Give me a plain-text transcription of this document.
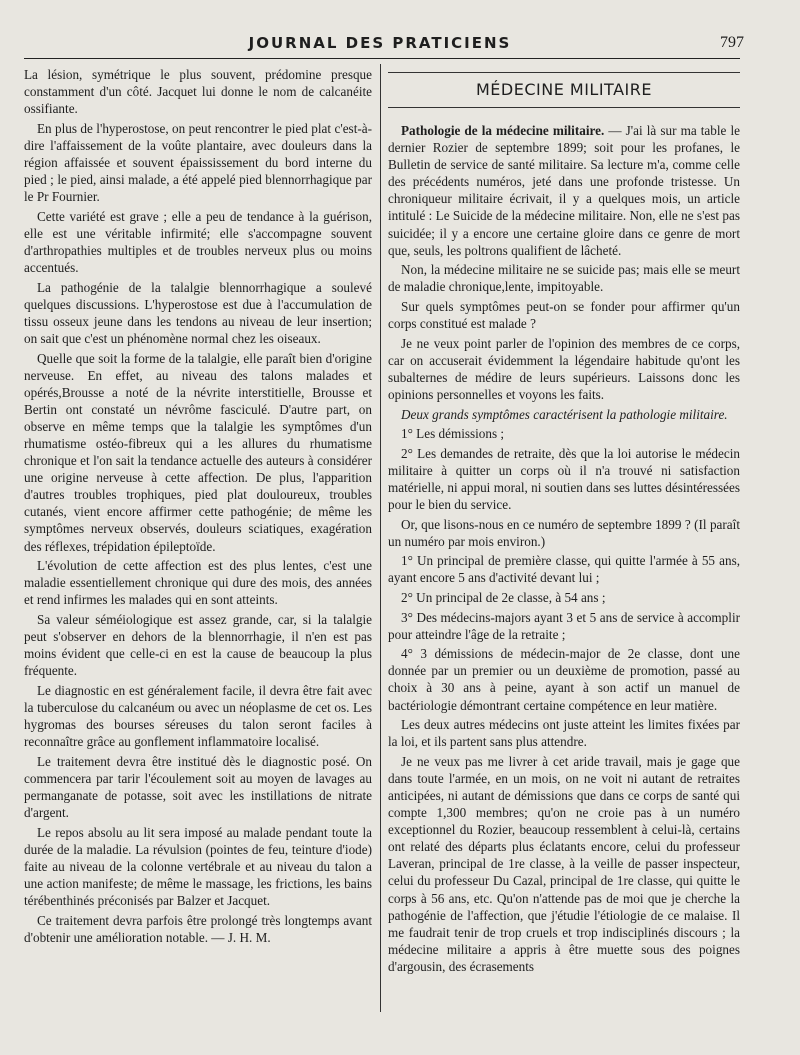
JOURNAL DES PRATICIENS	797

La lésion, symétrique le plus souvent, prédomine presque constamment d'un côté. Jacquet lui donne le nom de calcanéite ossifiante.

En plus de l'hyperostose, on peut rencontrer le pied plat c'est-à-dire l'affaissement de la voûte plantaire, avec douleurs dans la région affaissée et souvent épaississement du bord interne du pied ; le pied, ainsi malade, a été appelé pied blennorrhagique par le Pr Fournier.

Cette variété est grave ; elle a peu de tendance à la guérison, elle est une véritable infirmité; elle s'accompagne souvent d'arthropathies multiples et de troubles nerveux plus ou moins accentués.

La pathogénie de la talalgie blennorrhagique a soulevé quelques discussions. L'hyperostose est due à l'accumulation de tissu osseux jeune dans les tendons au niveau de leur insertion; on sait que c'est un phénomène normal chez les oiseaux.

Quelle que soit la forme de la talalgie, elle paraît bien d'origine nerveuse. En effet, au niveau des talons malades et opérés,Brousse a noté de la névrite interstitielle, Brousse et Bertin ont constaté un névrôme fasciculé. D'autre part, on observe en même temps que la talalgie les symptômes d'un rhumatisme ostéo-fibreux qui a les allures du rhumatisme chronique et l'on sait la tendance actuelle des auteurs à considérer une origine nerveuse à cette affection. De plus, l'apparition d'autres troubles trophiques, pied plat douloureux, troubles cutanés, vient encore affirmer cette pathogénie; de même les symptômes nerveux observés, douleurs sciatiques, exagération des réflexes, trépidation épileptoïde.

L'évolution de cette affection est des plus lentes, c'est une maladie essentiellement chronique qui dure des mois, des années et rend infirmes les malades qui en sont atteints.

Sa valeur séméiologique est assez grande, car, si la talalgie peut s'observer en dehors de la blennorrhagie, il n'en est pas moins évident que celle-ci en est la cause de beaucoup la plus fréquente.

Le diagnostic en est généralement facile, il devra être fait avec la tuberculose du calcanéum ou avec un néoplasme de cet os. Les hygromas des bourses séreuses du talon seront faciles à reconnaître grâce au gonflement inflammatoire localisé.

Le traitement devra être institué dès le diagnostic posé. On commencera par tarir l'écoulement soit au moyen de lavages au permanganate de potasse, soit avec les instillations de nitrate d'argent.

Le repos absolu au lit sera imposé au malade pendant toute la durée de la maladie. La révulsion (pointes de feu, teinture d'iode) faite au niveau de la colonne vertébrale et au niveau du talon a une action manifeste; de même le massage, les frictions, les bains térébenthinés préconisés par Balzer et Jacquet.

Ce traitement devra parfois être prolongé très longtemps avant d'obtenir une amélioration notable. — J. H. M.

MÉDECINE MILITAIRE

Pathologie de la médecine militaire. — J'ai là sur ma table le dernier Rozier de septembre 1899; soit pour les profanes, le Bulletin de service de santé militaire. Sa lecture m'a, comme celle des précédents numéros, jeté dans une profonde tristesse. Un chroniqueur militaire écrivait, il y a quelques mois, un article intitulé : Le Suicide de la médecine militaire. Non, elle ne s'est pas suicidée; il y a encore une certaine gloire dans ce genre de mort que, seuls, les poltrons qualifient de lâcheté.

Non, la médecine militaire ne se suicide pas; mais elle se meurt de maladie chronique,lente, impitoyable.

Sur quels symptômes peut-on se fonder pour affirmer qu'un corps constitué est malade ?

Je ne veux point parler de l'opinion des membres de ce corps, car on accuserait évidemment la légendaire habitude qu'ont les subalternes de médire de leurs supérieurs. Laissons donc les opinions personnelles et voyons les faits.

Deux grands symptômes caractérisent la pathologie militaire.

1° Les démissions ;

2° Les demandes de retraite, dès que la loi autorise le médecin militaire à quitter un corps où il n'a trouvé ni satisfaction matérielle, ni appui moral, ni soutien dans ses luttes désintéressées pour le bien du service.

Or, que lisons-nous en ce numéro de septembre 1899 ? (Il paraît un numéro par mois environ.)

1° Un principal de première classe, qui quitte l'armée à 55 ans, ayant encore 5 ans d'activité devant lui ;

2° Un principal de 2e classe, à 54 ans ;

3° Des médecins-majors ayant 3 et 5 ans de service à accomplir pour atteindre l'âge de la retraite ;

4° 3 démissions de médecin-major de 2e classe, dont une donnée par un premier ou un deuxième de promotion, passé au choix à 30 ans à peine, ayant à son actif un manuel de bactériologie démontrant certaine compétence en leur matière.

Les deux autres médecins ont juste atteint les limites fixées par la loi, et ils partent sans plus attendre.

Je ne veux pas me livrer à cet aride travail, mais je gage que dans toute l'armée, en un mois, on ne voit ni autant de retraites anticipées, ni autant de démissions que dans ce corps de santé qui compte 1,300 membres; qu'on ne croie pas à un numéro exceptionnel du Rozier, beaucoup ressemblent à celui-là, certains ont relaté des départs plus éclatants encore, celui du professeur Laveran, principal de 1re classe, à la veille de passer inspecteur, celui du professeur Du Cazal, principal de 1re classe, qui quitte le corps à 56 ans, etc. Qu'on n'attende pas de moi que je cherche la pathogénie de l'affection, que j'étudie l'étiologie de ce malaise. Il me faudrait tenir de trop cruels et trop indisciplinés discours ; la médecine militaire a appris à être muette sous des poignes d'argousin, des écrasements
